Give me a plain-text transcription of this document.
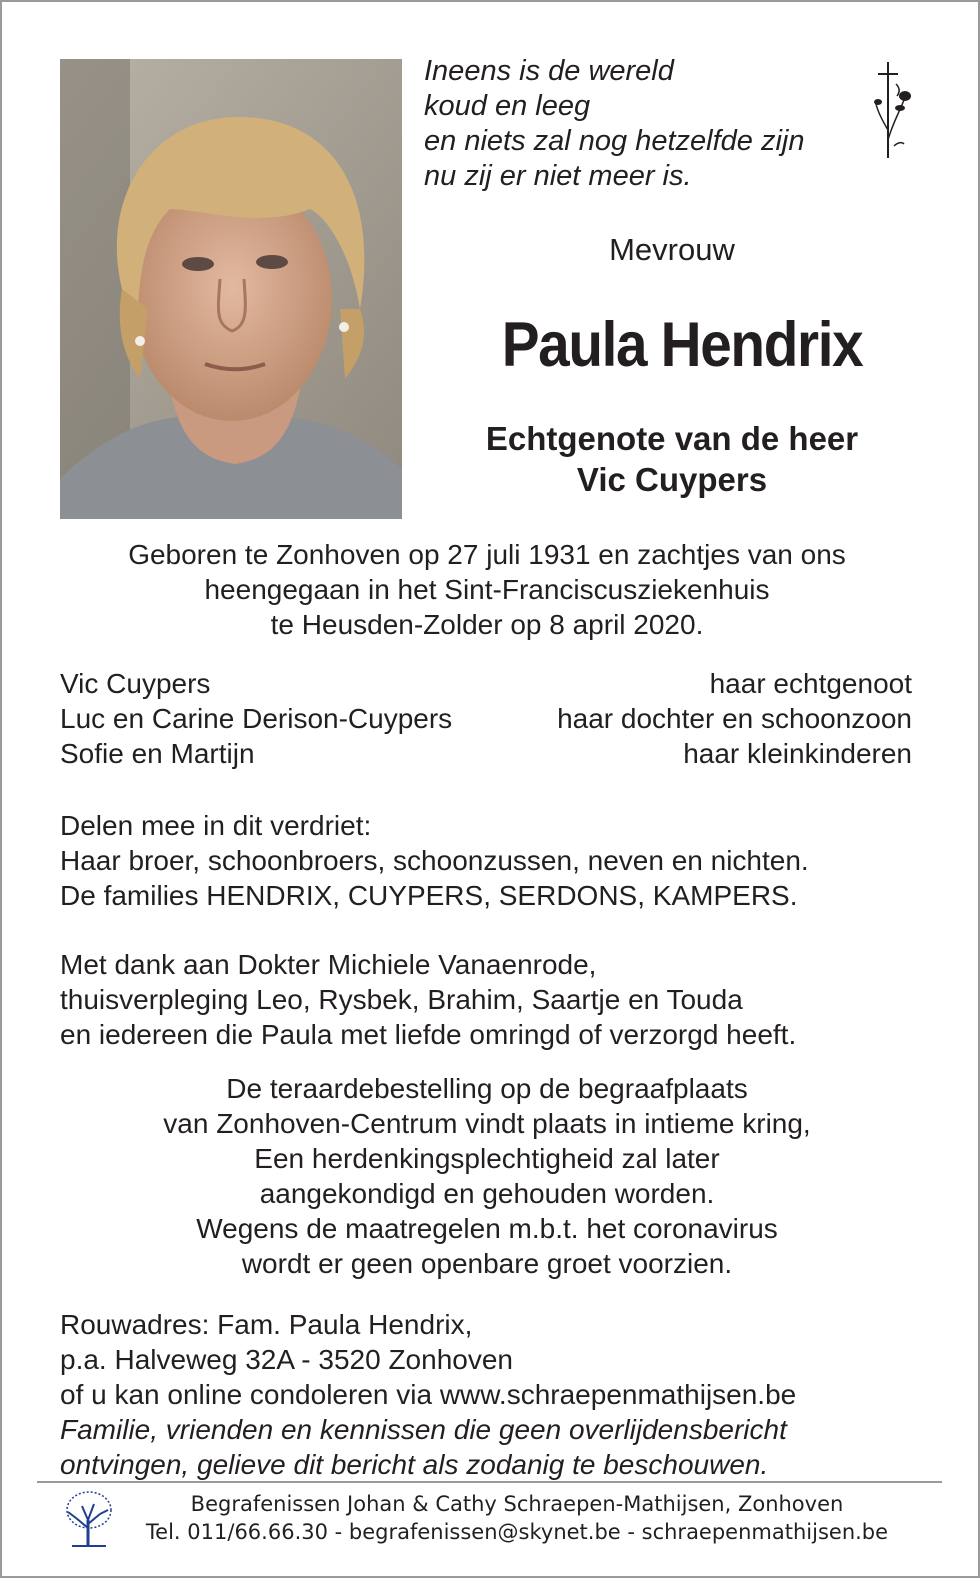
Ineens is de wereld
koud en leeg
en niets zal nog hetzelfde zijn
nu zij er niet meer is.
Mevrouw
Paula Hendrix
Echtgenote van de heer
Vic Cuypers
Geboren te Zonhoven op 27 juli 1931 en zachtjes van ons
heengegaan in het Sint-Franciscusziekenhuis
te Heusden-Zolder op 8 april 2020.
Vic Cuypers	haar echtgenoot
Luc en Carine Derison-Cuypers	haar dochter en schoonzoon
Sofie en Martijn	haar kleinkinderen
Delen mee in dit verdriet:
Haar broer, schoonbroers, schoonzussen, neven en nichten.
De families HENDRIX, CUYPERS, SERDONS, KAMPERS.
Met dank aan Dokter Michiele Vanaenrode,
thuisverpleging Leo, Rysbek, Brahim, Saartje en Touda
en iedereen die Paula met liefde omringd of verzorgd heeft.
De teraardebestelling op de begraafplaats
van Zonhoven-Centrum vindt plaats in intieme kring,
Een herdenkingsplechtigheid zal later
aangekondigd en gehouden worden.
Wegens de maatregelen m.b.t. het coronavirus
wordt er geen openbare groet voorzien.
Rouwadres: Fam. Paula Hendrix,
p.a. Halveweg 32A - 3520 Zonhoven
of u kan online condoleren via www.schraepenmathijsen.be
Familie, vrienden en kennissen die geen overlijdensbericht
ontvingen, gelieve dit bericht als zodanig te beschouwen.
Begrafenissen Johan & Cathy Schraepen-Mathijsen, Zonhoven
Tel. 011/66.66.30 - begrafenissen@skynet.be - schraepenmathijsen.be
